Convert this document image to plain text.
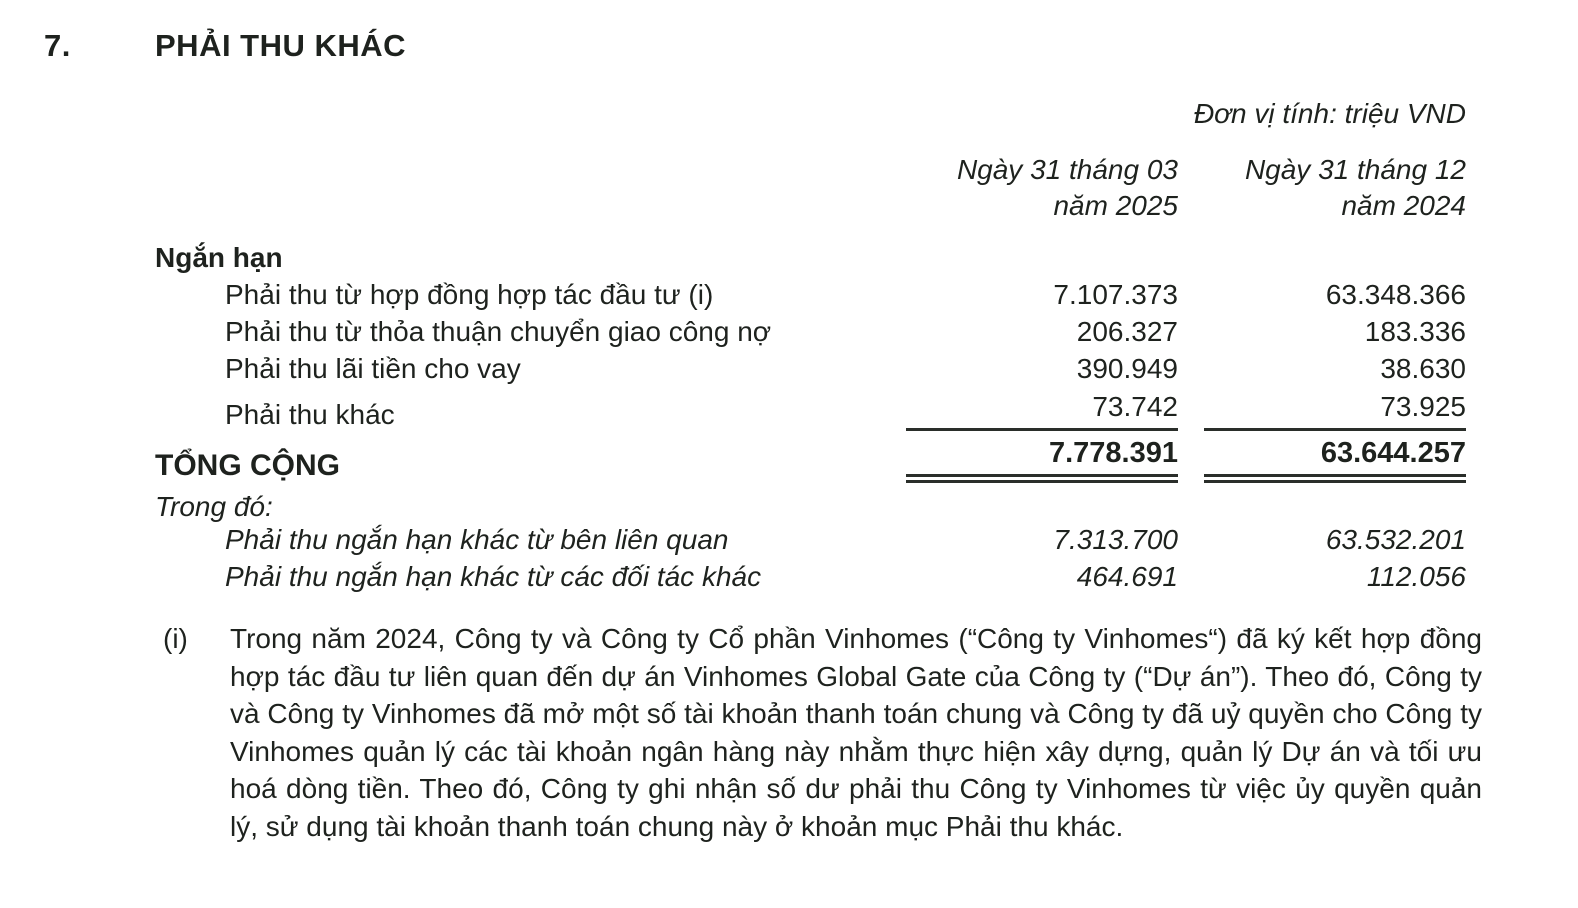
7.	PHẢI THU KHÁC
Đơn vị tính: triệu VND
Ngày 31 tháng 03
năm 2025
Ngày 31 tháng 12
năm 2024
Ngắn hạn
Phải thu từ hợp đồng hợp tác đầu tư (i)	7.107.373	63.348.366
Phải thu từ thỏa thuận chuyển giao công nợ	206.327	183.336
Phải thu lãi tiền cho vay	390.949	38.630
Phải thu khác	73.742	73.925
TỔNG CỘNG	7.778.391	63.644.257
Trong đó:
Phải thu ngắn hạn khác từ bên liên quan	7.313.700	63.532.201
Phải thu ngắn hạn khác từ các đối tác khác	464.691	112.056
(i)	Trong năm 2024, Công ty và Công ty Cổ phần Vinhomes (“Công ty Vinhomes“) đã ký kết hợp đồng hợp tác đầu tư liên quan đến dự án Vinhomes Global Gate của Công ty (“Dự án”). Theo đó, Công ty và Công ty Vinhomes đã mở một số tài khoản thanh toán chung và Công ty đã uỷ quyền cho Công ty Vinhomes quản lý các tài khoản ngân hàng này nhằm thực hiện xây dựng, quản lý Dự án và tối ưu hoá dòng tiền. Theo đó, Công ty ghi nhận số dư phải thu Công ty Vinhomes từ việc ủy quyền quản lý, sử dụng tài khoản thanh toán chung này ở khoản mục Phải thu khác.
